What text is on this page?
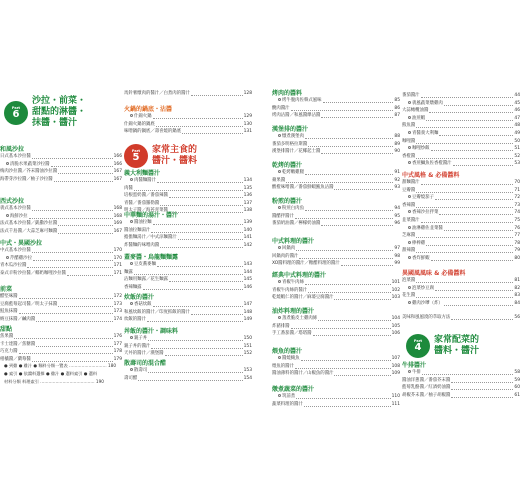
Part
6
沙拉・前菜・
甜點的淋醬・
抹醬・醬汁
和風沙拉
日式基本沙拉醬	166
清脆水果蔬菜沙拉醬	166
梅肉沙拉醬／芥末醬油沙拉醬	167
海帶芽沙拉醬／柚子沙拉醬	167
西式沙拉
義式基本沙拉醬	168
海鮮沙拉	168
法式基本沙拉醬／凱撒沙拉醬	169
法式千島醬／大蒜芝麻可麵醬	167
中式・異國沙拉
中式基本沙拉醬	170
芹醋雞沙拉	170
青木瓜沙拉醬	171
泰式羊粉沙拉醬／椰奶咖哩沙拉醬	171
前菜
醋堅味醬	172
豆腐藍莓起司醬／明太子抹醬	173
鮭魚抹醬	173
納豆抹醬／鹹肉醬	174
甜點
焦果醬	176
卡士達醬／焦糖醬	177
巧克力醬	178
柑橘醬／蘭莓醬	179
● 到雞 ● 雞汁 ● 麵料分類一覽表 ……………………… 180
● 索引 ● 依醬料選擇 ● 雞汁 ● 選料索引 ● 選料
材料分類 料理索引 ………………………………… 190
馬鈴薯燉肉的醬汁／白煮肉的醬汁	128
Part
5
家常主食的
醬汁・醬料
火鍋的鍋底・沾醬
什錦火鍋	129
什錦火鍋的鍋底	130
味噌鍋的鍋底／壽喜燒的鍋底	131
義大利麵醬汁
肉醬麵醬汁	134
肉醬	135
培根蛋奶醬／番茄辣醬	136
青醬／番茄羅勒醬	137
明太子醬／海苔青菜醬	138
中華麵的湯汁・醬汁
醬油拉麵	139
醬油拉麵湯汁	140
擔擔麵湯汁／中式涼麵醬汁	141
炸醬麵的味噌肉醬	142
蓋麥醬・烏龍麵麵露
豆皮蕎麥麵	143
麵露	144
沾麵用麵露／花生麵露	145
香辣麵露	146
炊飯的醬汁
香菇炊飯	147
和風炊飯的醬汁／印度抓飯的醬汁	148
炊飯的醬汁	149
丼飯的醬汁・調味料
親子丼	150
親子丼的醬汁	151
天丼的醬汁／漢堡醬	152
散壽司的混合醋
散壽司	153
壽司醋	154
烤肉的醬料
烤牛腹肉佐韓式風味	85
醃肉醬汁	86
烤肉沾醬／和風醬爆沾醬	87
漢堡排的醬汁
燉煮漢堡肉	88
番茄多明格拉斯醬	89
漢堡排醬汁／花椰起士醬	90
乾烤的醬汁
乾烤嫩雞腿	91
蘋果醬	92
酸橙味噌醬／番茄鮮蝦鮪魚沾醬	93
粉煎的醬汁
粉煎白肉魚	94
醬醋拌醬汁	95
番茄奶油醬／檸檬奶油醬	96
中式料理的醬汁
回鍋肉	97
回鍋肉的醬汁	98
XO醬料理的醬汁／糖醋料理的醬汁	99
經典中式料理的醬汁
青椒牛肉絲	101
青椒牛肉絲的醬汁	102
乾燒蝦仁的醬汁／麻婆豆腐醬汁	103
油炸料理的醬汁
蒸煮脆皮土雞肉條	104
炸豬排醬	105
手工番茄醬／塔塔醬	106
煨魚的醬汁
醬燒鯖魚	107
煨魚的醬汁	108
醬油薄料的醬汁／山椒魚的醬汁	109
燉煮蔬菜的醬汁
筑前煮	110
蔬菜料理的醬汁	111
番茄醬汁	44
義風蔬菜燉雞肉	45
大蒜橄欖油醬	46
油煎蝦	47
熊魚醬	48
青醬義大利麵	49
咖哩醬	50
咖哩炒飯	51
香橙醬	52
香煎鰤魚佐香橙醬汁	53
中式風格 & 必備醬料
甜麵醬汁	70
豆瓣醬	71
豆瓣燒茄子	72
香辣醬	73
香辣沙拉拌菜	74
韭菜醬汁	75
油淋雞佐韭菜醬	76
芝麻醬	77
棒棒雞	78
甜辣醬	79
香炸鮮蝦	80
異國風風味 & 必備醬料
泡菜醬	81
泡菜炒豆腐	82
花生醬	83
雞肉沙嗲（炸）	84
美味和風風澆的萃取方法	56
牛排醬汁
牛排	58
醬油洋蔥醬／番茄芥末醬	59
藍莓乳酪醬／紅酒奶油醬	60
胡椒芥末醬／柚子胡椒醬	61
Part
4
家常配菜的
醬料・醬汁
